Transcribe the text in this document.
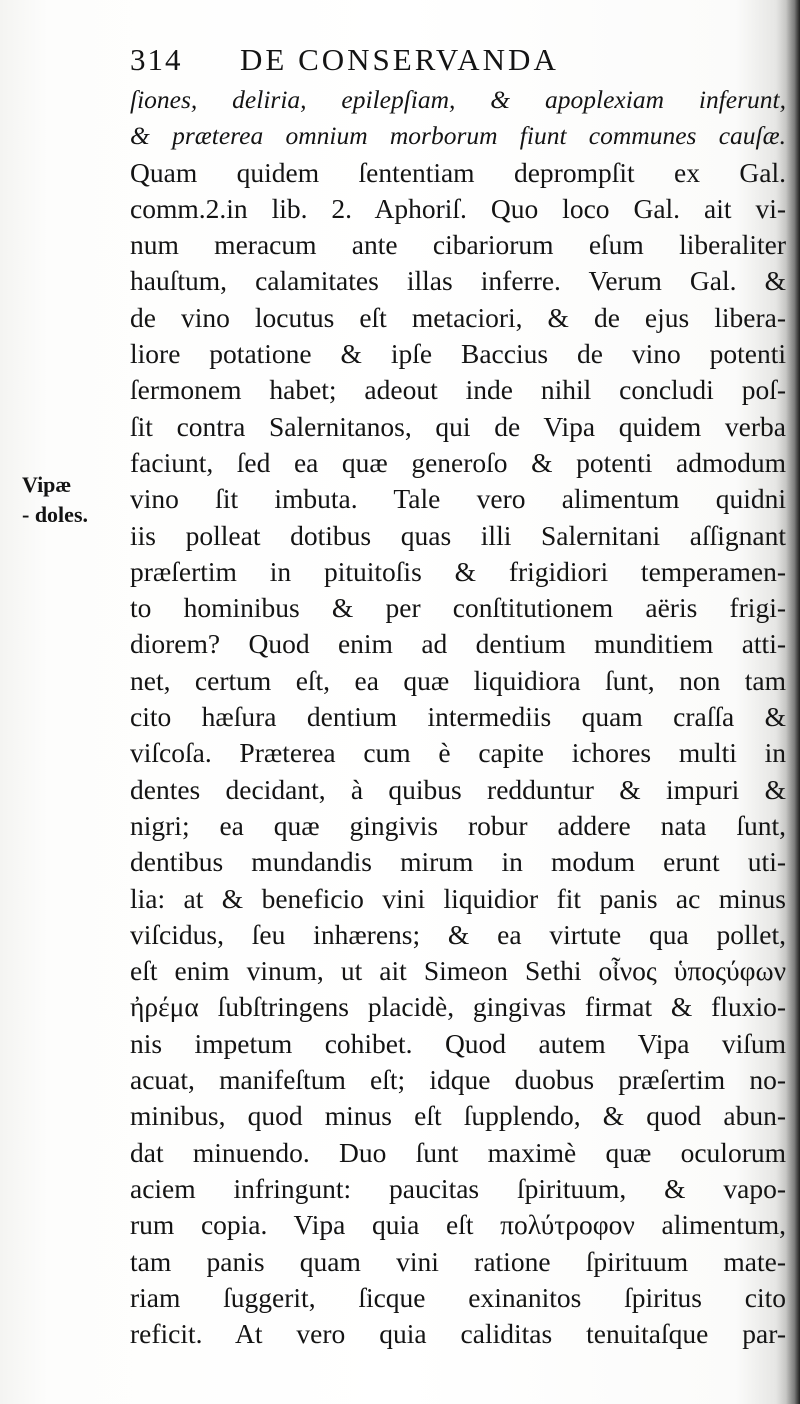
314	DE CONSERVANDA
Vipæ
- doles.
ſiones, deliria, epilepſiam, & apoplexiam inferunt,
& præterea omnium morborum fiunt communes cauſæ.
Quam quidem ſententiam deprompſit ex Gal.
comm.2.in lib. 2. Aphoriſ. Quo loco Gal. ait vi-
num meracum ante cibariorum eſum liberaliter
hauſtum, calamitates illas inferre. Verum Gal. &
de vino locutus eſt metaciori, & de ejus libera-
liore potatione & ipſe Baccius de vino potenti
ſermonem habet; adeout inde nihil concludi poſ-
ſit contra Salernitanos, qui de Vipa quidem verba
faciunt, ſed ea quæ generoſo & potenti admodum
vino ſit imbuta. Tale vero alimentum quidni
iis polleat dotibus quas illi Salernitani aſſignant
præſertim in pituitoſis & frigidiori temperamen-
to hominibus & per conſtitutionem aëris frigi-
diorem? Quod enim ad dentium munditiem atti-
net, certum eſt, ea quæ liquidiora ſunt, non tam
cito hæſura dentium intermediis quam craſſa &
viſcoſa. Præterea cum è capite ichores multi in
dentes decidant, à quibus redduntur & impuri &
nigri; ea quæ gingivis robur addere nata ſunt,
dentibus mundandis mirum in modum erunt uti-
lia: at & beneficio vini liquidior fit panis ac minus
viſcidus, ſeu inhærens; & ea virtute qua pollet,
eſt enim vinum, ut ait Simeon Sethi οἶνος ὑποςύφων
ἠρέμα ſubſtringens placidè, gingivas firmat & fluxio-
nis impetum cohibet. Quod autem Vipa viſum
acuat, manifeſtum eſt; idque duobus præſertim no-
minibus, quod minus eſt ſupplendo, & quod abun-
dat minuendo. Duo ſunt maximè quæ oculorum
aciem infringunt: paucitas ſpirituum, & vapo-
rum copia. Vipa quia eſt πολύτροφον alimentum,
tam panis quam vini ratione ſpirituum mate-
riam ſuggerit, ſicque exinanitos ſpiritus cito
reficit. At vero quia caliditas tenuitaſque par-
